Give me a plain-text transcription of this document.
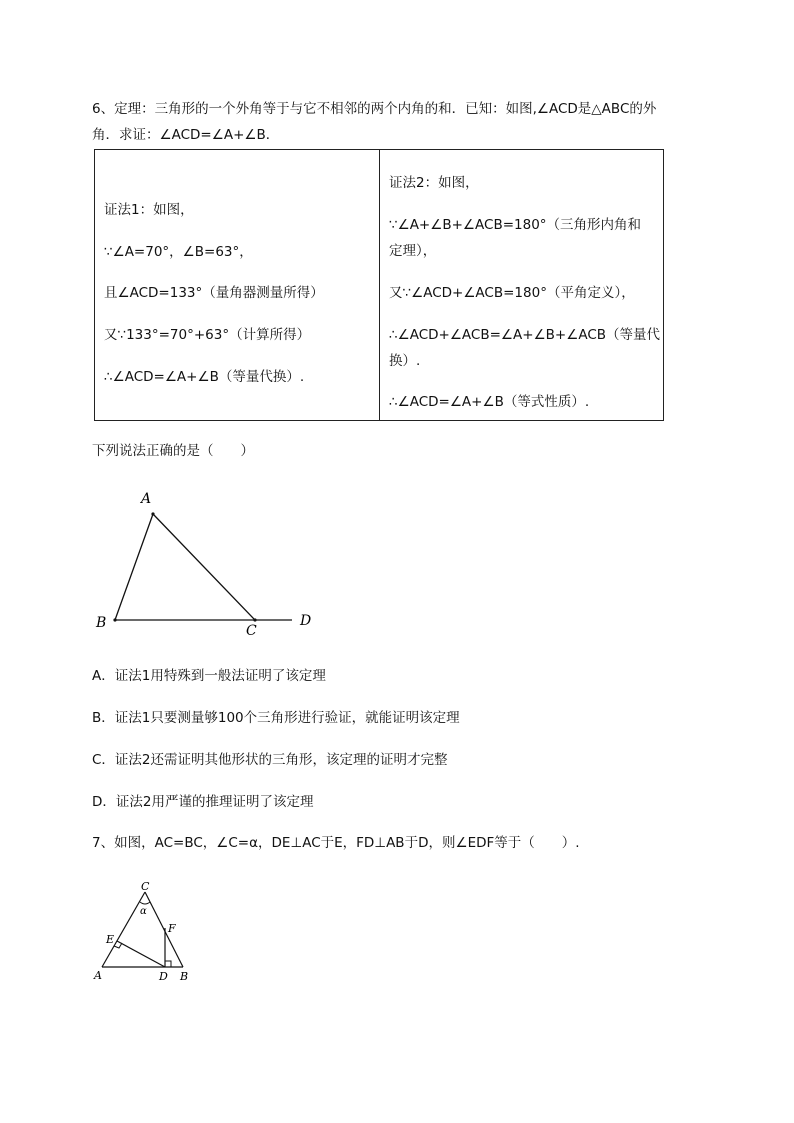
6、定理：三角形的一个外角等于与它不相邻的两个内角的和．已知：如图,∠ACD是△ABC的外
角．求证：∠ACD=∠A+∠B．
证法1：如图，
∵∠A=70°，∠B=63°，
且∠ACD=133°（量角器测量所得）
又∵133°=70°+63°（计算所得）
∴∠ACD=∠A+∠B（等量代换）.

证法2：如图，
∵∠A+∠B+∠ACB=180°（三角形内角和
定理），
又∵∠ACD+∠ACB=180°（平角定义），
∴∠ACD+∠ACB=∠A+∠B+∠ACB（等量代
换）.
∴∠ACD=∠A+∠B（等式性质）.
下列说法正确的是（　　）
A
B	C
D
A．证法1用特殊到一般法证明了该定理
B．证法1只要测量够100个三角形进行验证，就能证明该定理
C．证法2还需证明其他形状的三角形，该定理的证明才完整
D．证法2用严谨的推理证明了该定理
7、如图，AC=BC，∠C=α，DE⊥AC于E，FD⊥AB于D，则∠EDF等于（　　）.
C
α
E
F
A	D B
